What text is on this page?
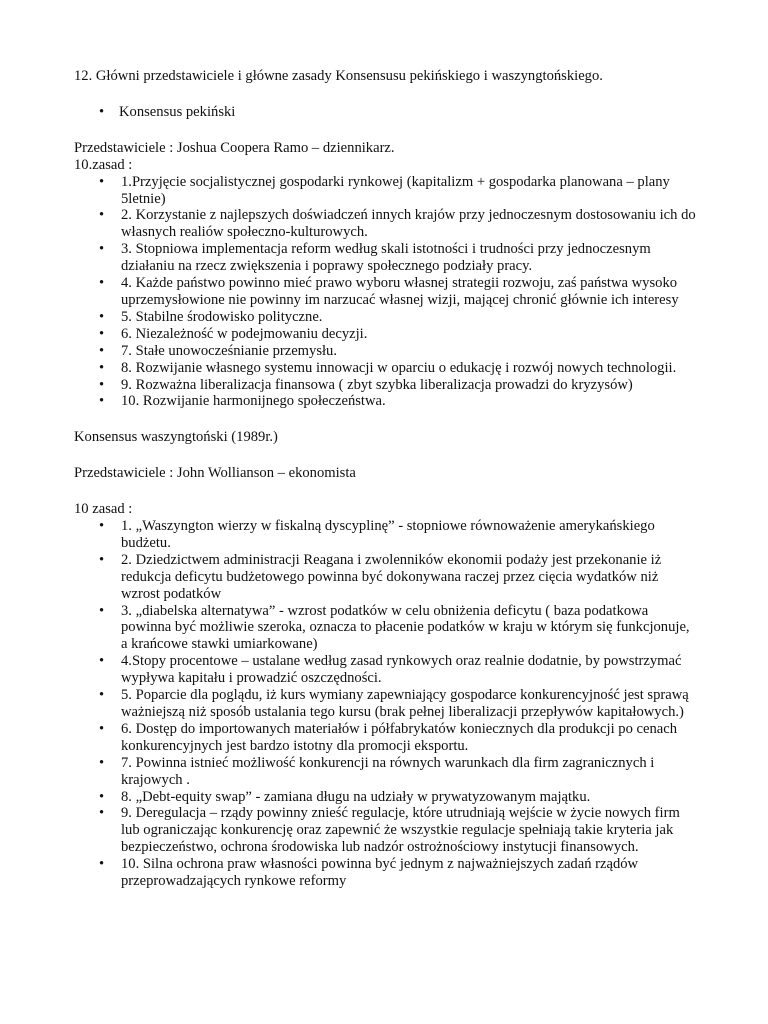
12. Główni przedstawiciele i główne zasady Konsensusu pekińskiego i waszyngtońskiego.

• Konsensus pekiński

Przedstawiciele : Joshua Coopera Ramo – dziennikarz.

10.zasad :

• 1.Przyjęcie socjalistycznej gospodarki rynkowej (kapitalizm + gospodarka planowana – plany 5letnie)
• 2. Korzystanie z najlepszych doświadczeń innych krajów przy jednoczesnym dostosowaniu ich do własnych realiów społeczno-kulturowych.
• 3. Stopniowa implementacja reform według skali istotności i trudności przy jednoczesnym działaniu na rzecz zwiększenia i poprawy społecznego podziały pracy.
• 4. Każde państwo powinno mieć prawo wyboru własnej strategii rozwoju, zaś państwa wysoko uprzemysłowione nie powinny im narzucać własnej wizji, mającej chronić głównie ich interesy
• 5. Stabilne środowisko polityczne.
• 6. Niezależność w podejmowaniu decyzji.
• 7. Stałe unowocześnianie przemysłu.
• 8. Rozwijanie własnego systemu innowacji w oparciu o edukację i rozwój nowych technologii.
• 9. Rozważna liberalizacja finansowa ( zbyt szybka liberalizacja prowadzi do kryzysów)
• 10. Rozwijanie harmonijnego społeczeństwa.

Konsensus waszyngtoński (1989r.)

Przedstawiciele : John Wollianson – ekonomista

10 zasad :

• 1. „Waszyngton wierzy w fiskalną dyscyplinę” - stopniowe równoważenie amerykańskiego budżetu.
• 2. Dziedzictwem administracji Reagana i zwolenników ekonomii podaży jest przekonanie iż redukcja deficytu budżetowego powinna być dokonywana raczej przez cięcia wydatków niż wzrost podatków
• 3. „diabelska alternatywa” - wzrost podatków w celu obniżenia deficytu ( baza podatkowa powinna być możliwie szeroka, oznacza to płacenie podatków w kraju w którym się funkcjonuje, a krańcowe stawki umiarkowane)
• 4.Stopy procentowe – ustalane według zasad rynkowych oraz realnie dodatnie, by powstrzymać wypływa kapitału i prowadzić oszczędności.
• 5. Poparcie dla poglądu, iż kurs wymiany zapewniający gospodarce konkurencyjność jest sprawą ważniejszą niż sposób ustalania tego kursu (brak pełnej liberalizacji przepływów kapitałowych.)
• 6. Dostęp do importowanych materiałów i półfabrykatów koniecznych dla produkcji po cenach konkurencyjnych jest bardzo istotny dla promocji eksportu.
• 7. Powinna istnieć możliwość konkurencji na równych warunkach dla firm zagranicznych i krajowych .
• 8. „Debt-equity swap” - zamiana długu na udziały w prywatyzowanym majątku.
• 9. Deregulacja – rządy powinny znieść regulacje, które utrudniają wejście w życie nowych firm lub ograniczając konkurencję oraz zapewnić że wszystkie regulacje spełniają takie kryteria jak bezpieczeństwo, ochrona środowiska lub nadzór ostrożnościowy instytucji finansowych.
• 10. Silna ochrona praw własności powinna być jednym z najważniejszych zadań rządów przeprowadzających rynkowe reformy
